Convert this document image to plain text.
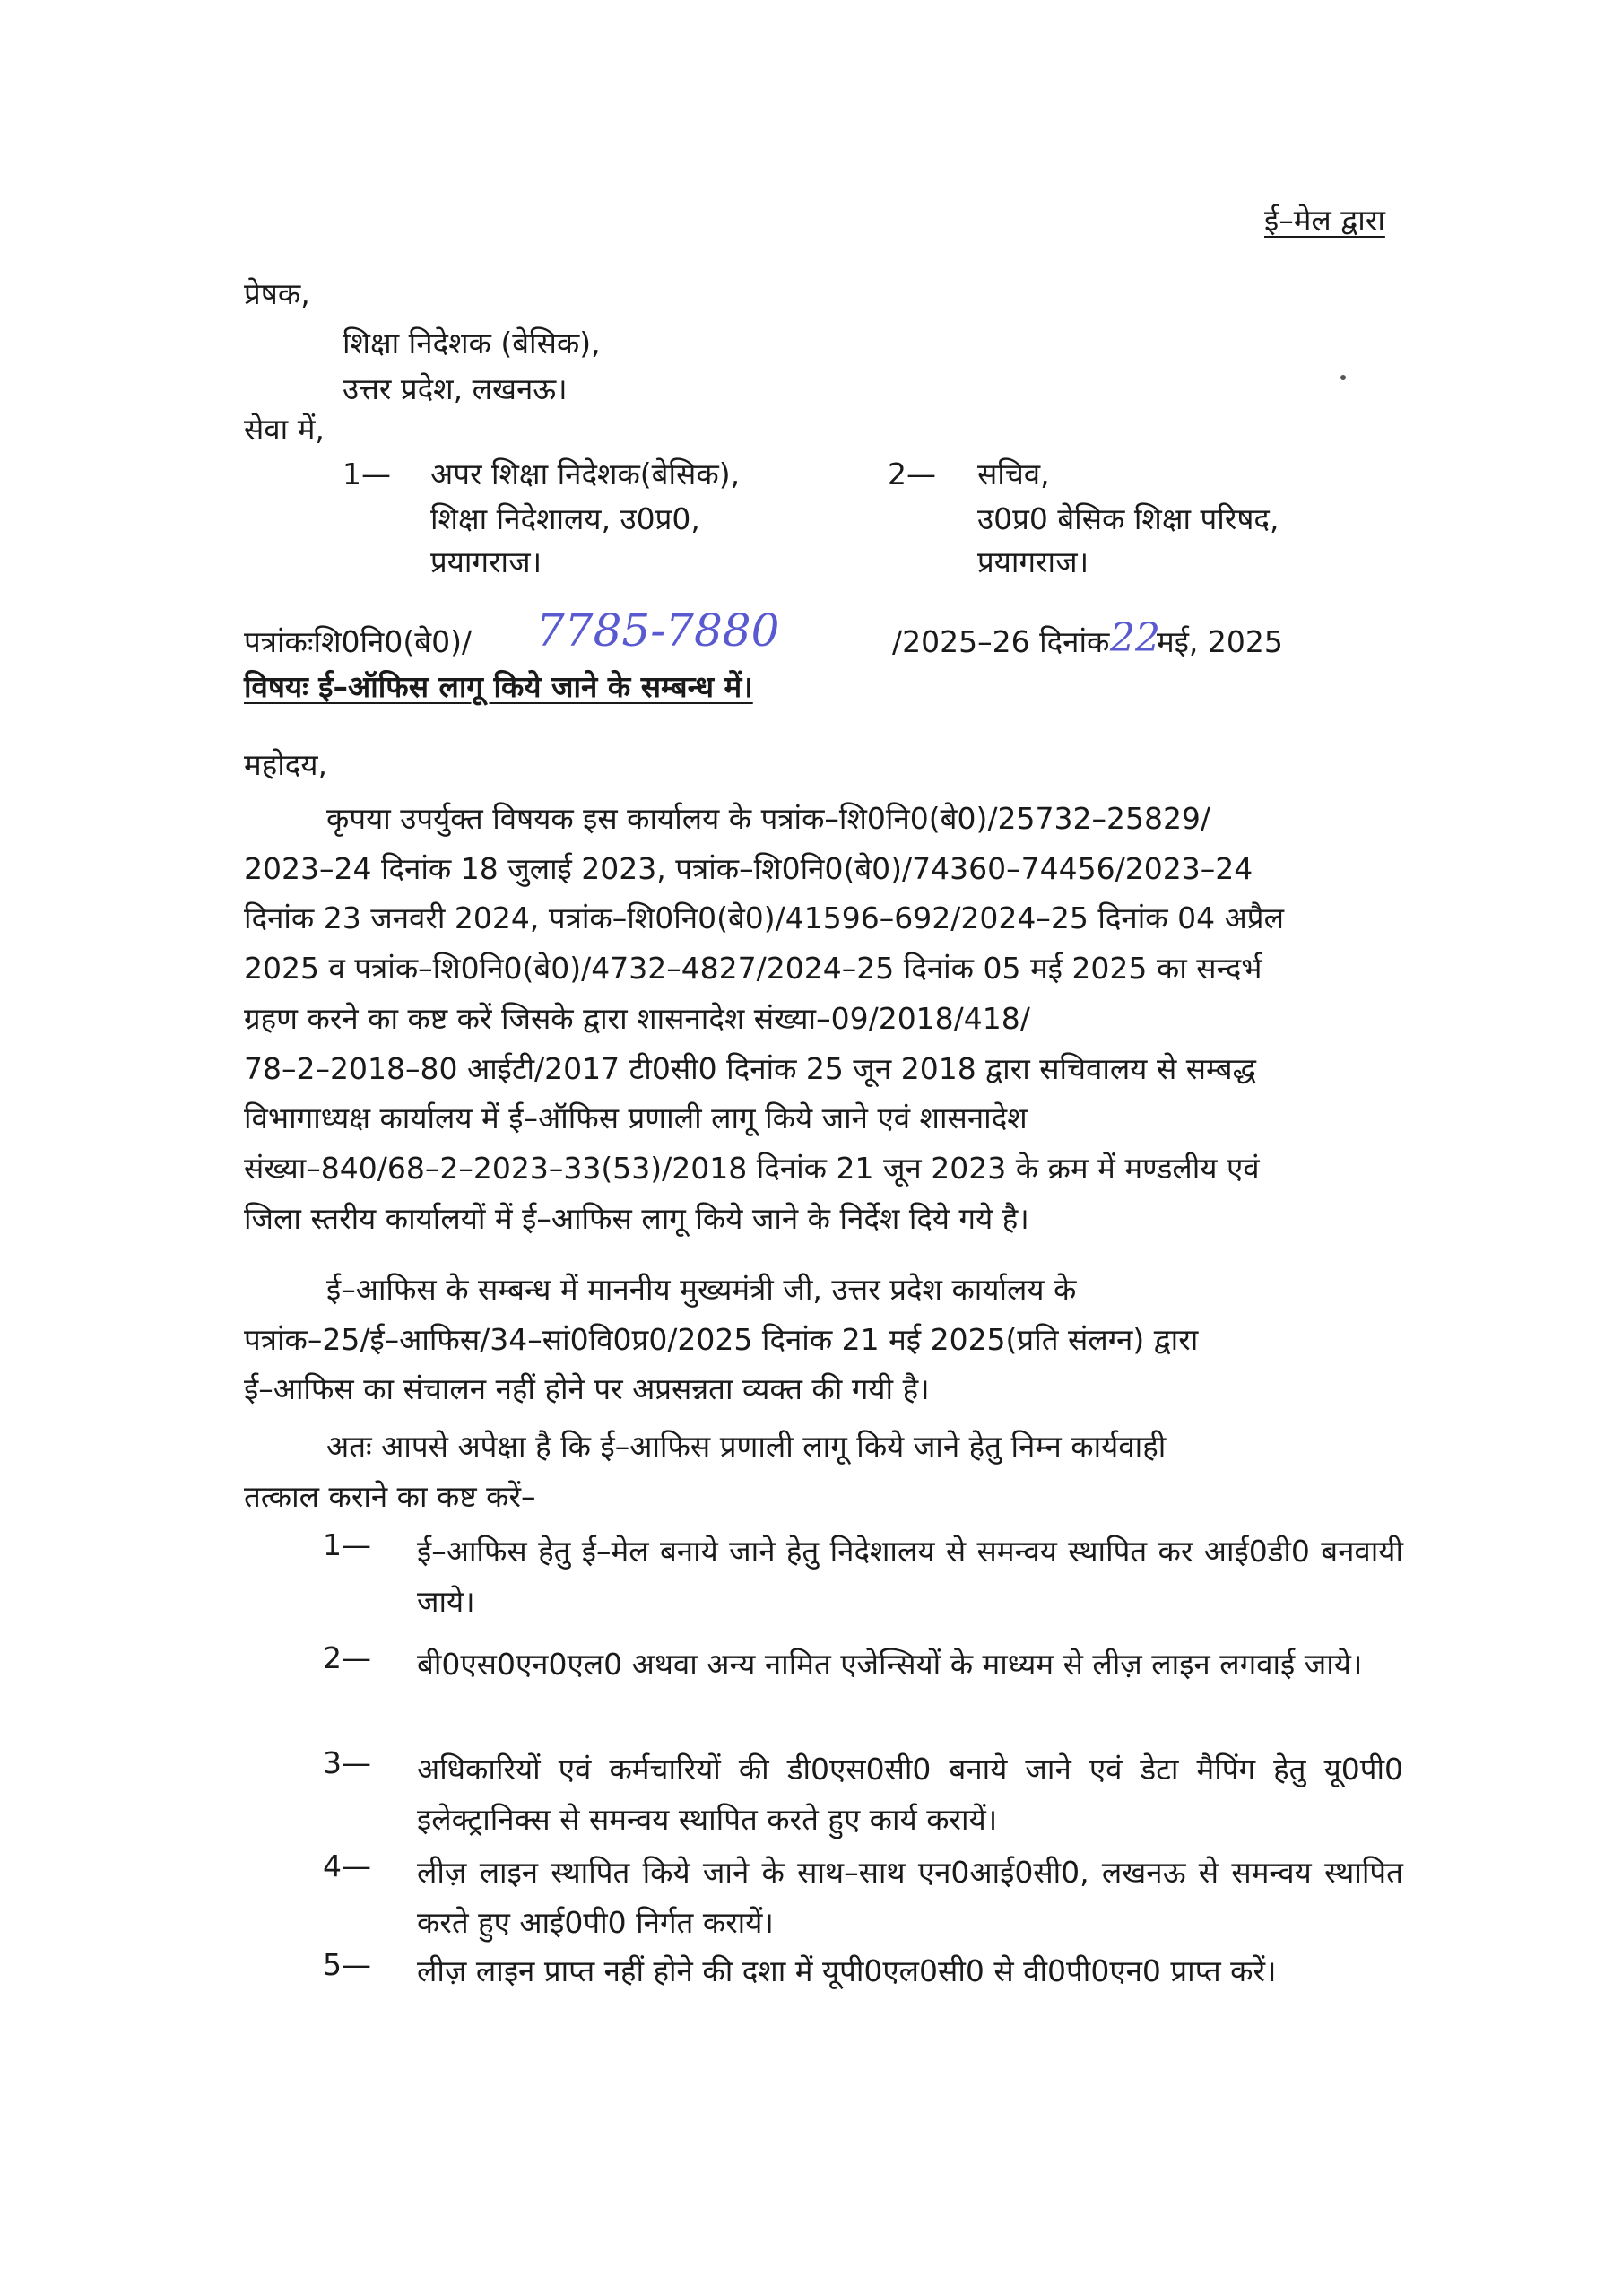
ई–मेल द्वारा
प्रेषक,
शिक्षा निदेशक (बेसिक),
उत्तर प्रदेश, लखनऊ।
सेवा में,
1— अपर शिक्षा निदेशक(बेसिक),
शिक्षा निदेशालय, उ0प्र0,
प्रयागराज।
2— सचिव,
उ0प्र0 बेसिक शिक्षा परिषद,
प्रयागराज।
पत्रांकःशि0नि0(बे0)/ 7785-7880	/2025–26 दिनांक 22
मई, 2025
विषयः ई–ऑफिस लागू किये जाने के सम्बन्ध में।
महोदय,

कृपया उपर्युक्त विषयक इस कार्यालय के पत्रांक–शि0नि0(बे0)/25732–25829/

2023–24 दिनांक 18 जुलाई 2023, पत्रांक–शि0नि0(बे0)/74360–74456/2023–24

दिनांक 23 जनवरी 2024, पत्रांक–शि0नि0(बे0)/41596–692/2024–25 दिनांक 04 अप्रैल

2025 व पत्रांक–शि0नि0(बे0)/4732–4827/2024–25 दिनांक 05 मई 2025 का सन्दर्भ

ग्रहण करने का कष्ट करें जिसके द्वारा शासनादेश संख्या–09/2018/418/

78–2–2018–80 आईटी/2017 टी0सी0 दिनांक 25 जून 2018 द्वारा सचिवालय से सम्बद्ध

विभागाध्यक्ष कार्यालय में ई–ऑफिस प्रणाली लागू किये जाने एवं शासनादेश

संख्या–840/68–2–2023–33(53)/2018 दिनांक 21 जून 2023 के क्रम में मण्डलीय एवं

जिला स्तरीय कार्यालयों में ई–आफिस लागू किये जाने के निर्देश दिये गये है।

ई–आफिस के सम्बन्ध में माननीय मुख्यमंत्री जी, उत्तर प्रदेश कार्यालय के

पत्रांक–25/ई–आफिस/34–सां0वि0प्र0/2025 दिनांक 21 मई 2025(प्रति संलग्न) द्वारा

ई–आफिस का संचालन नहीं होने पर अप्रसन्नता व्यक्त की गयी है।

अतः आपसे अपेक्षा है कि ई–आफिस प्रणाली लागू किये जाने हेतु निम्न कार्यवाही

तत्काल कराने का कष्ट करें–

1— ई–आफिस हेतु ई–मेल बनाये जाने हेतु निदेशालय से समन्वय स्थापित कर आई0डी0 बनवायी जाये।
2— बी0एस0एन0एल0 अथवा अन्य नामित एजेन्सियों के माध्यम से लीज़ लाइन लगवाई जाये।
3— अधिकारियों एवं कर्मचारियों की डी0एस0सी0 बनाये जाने एवं डेटा मैपिंग हेतु यू0पी0 इलेक्ट्रानिक्स से समन्वय स्थापित करते हुए कार्य करायें।
4— लीज़ लाइन स्थापित किये जाने के साथ–साथ एन0आई0सी0, लखनऊ से समन्वय स्थापित करते हुए आई0पी0 निर्गत करायें।
5— लीज़ लाइन प्राप्त नहीं होने की दशा में यूपी0एल0सी0 से वी0पी0एन0 प्राप्त करें।
